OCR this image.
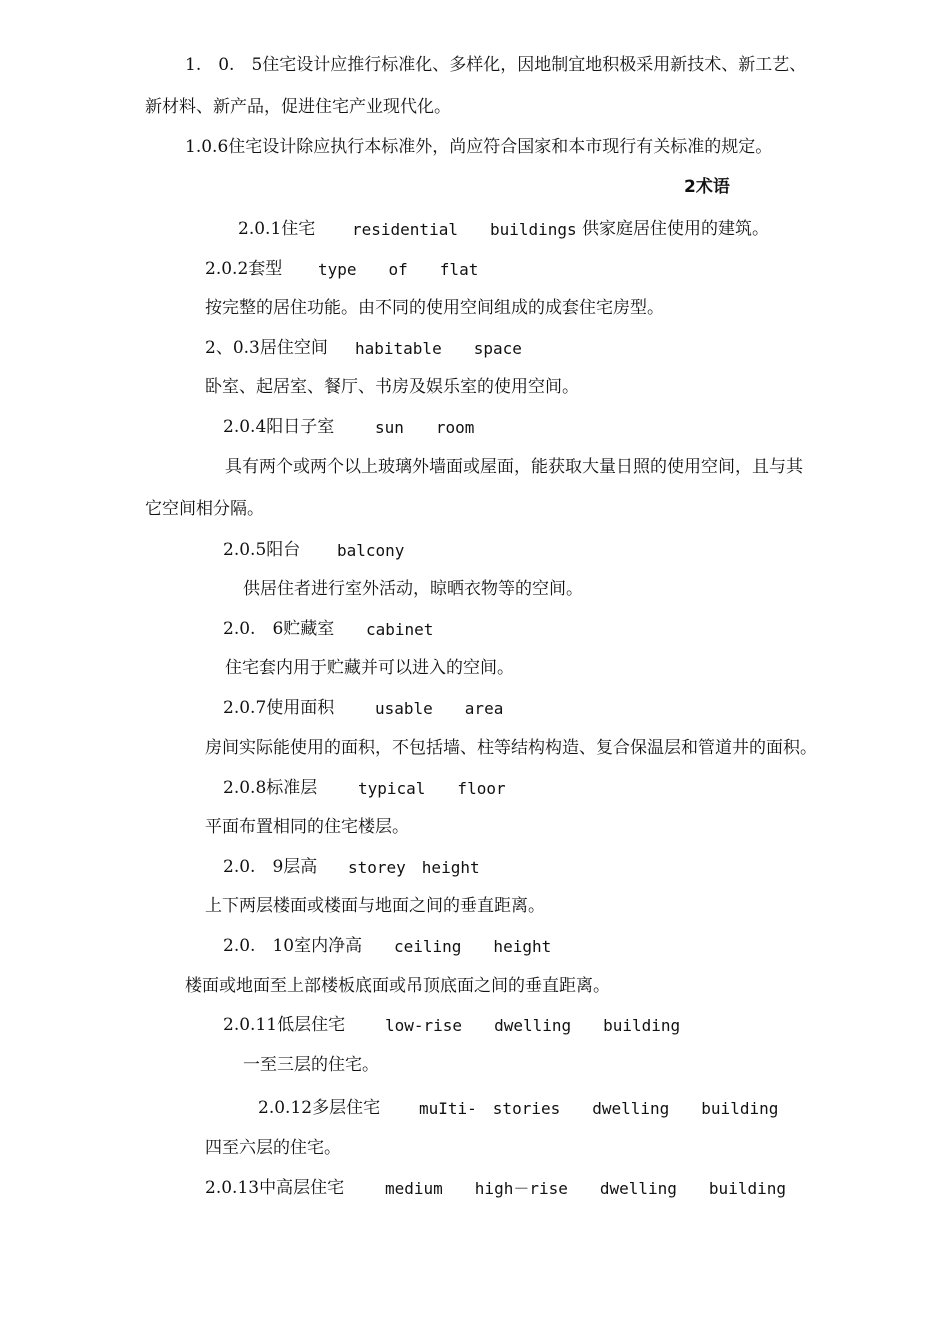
1.　0.　5住宅设计应推行标准化、多样化，因地制宜地积极采用新技术、新工艺、
新材料、新产品，促进住宅产业现代化。
1.0.6住宅设计除应执行本标准外，尚应符合国家和本市现行有关标准的规定。
2术语
2.0.1住宅 residential　　buildings 供家庭居住使用的建筑。
2.0.2套型 type　　of　　flat
按完整的居住功能。由不同的使用空间组成的成套住宅房型。
2、0.3居住空间 habitable　　space
卧室、起居室、餐厅、书房及娱乐室的使用空间。
2.0.4阳日子室	sun　　room
具有两个或两个以上玻璃外墙面或屋面，能获取大量日照的使用空间，且与其
它空间相分隔。
2.0.5阳台 balcony
供居住者进行室外活动，晾晒衣物等的空间。
2.0.　6贮藏室 cabinet
住宅套内用于贮藏并可以进入的空间。
2.0.7使用面积	usable　　area
房间实际能使用的面积，不包括墙、柱等结构构造、复合保温层和管道井的面积。
2.0.8标准层	typical　　floor
平面布置相同的住宅楼层。
2.0.　9层高 storey　height
上下两层楼面或楼面与地面之间的垂直距离。
2.0.　10室内净高 ceiling　　height
楼面或地面至上部楼板底面或吊顶底面之间的垂直距离。
2.0.11低层住宅 low-rise　　dwelling　　building
一至三层的住宅。
2.0.12多层住宅 muIti-　stories　　dwelling　　building
四至六层的住宅。
2.0.13中高层住宅	medium　　high－rise　　dwelling　　building
